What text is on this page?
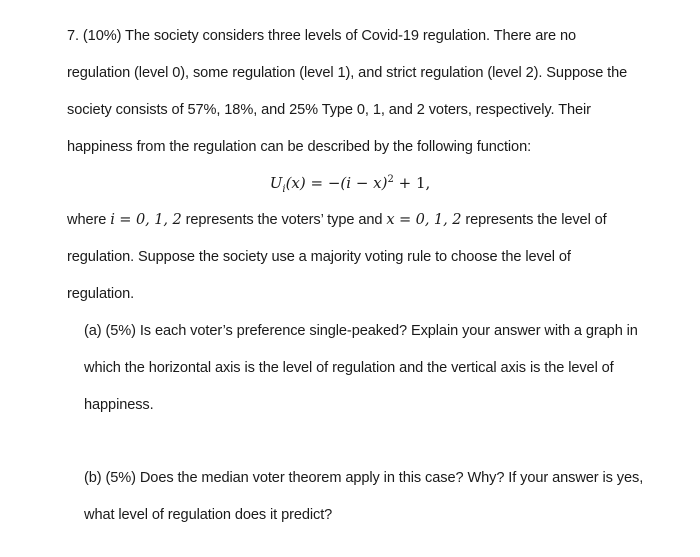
7. (10%) The society considers three levels of Covid-19 regulation. There are no
regulation (level 0), some regulation (level 1), and strict regulation (level 2). Suppose the
society consists of 57%, 18%, and 25% Type 0, 1, and 2 voters, respectively. Their
happiness from the regulation can be described by the following function:
$U_i(x) = -(i - x)^2 + 1$,
where i = 0, 1, 2 represents the voters’ type and x = 0, 1, 2 represents the level of
regulation. Suppose the society use a majority voting rule to choose the level of
regulation.
(a) (5%) Is each voter’s preference single-peaked? Explain your answer with a graph in
which the horizontal axis is the level of regulation and the vertical axis is the level of
happiness.
(b) (5%) Does the median voter theorem apply in this case? Why? If your answer is yes,
what level of regulation does it predict?
